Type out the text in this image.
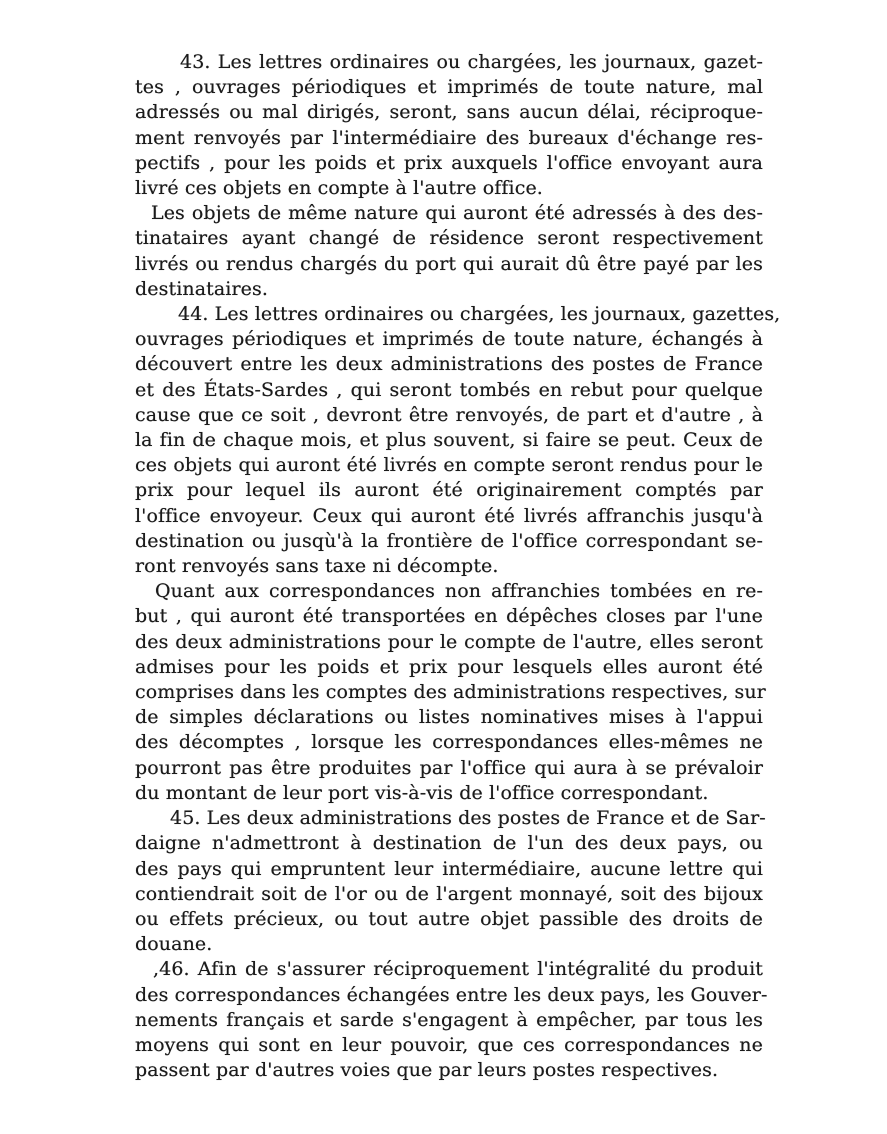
43. Les lettres ordinaires ou chargées, les journaux, gazet-
tes , ouvrages périodiques et imprimés de toute nature, mal
adressés ou mal dirigés, seront, sans aucun délai, réciproque-
ment renvoyés par l'intermédiaire des bureaux d'échange res-
pectifs , pour les poids et prix auxquels l'office envoyant aura
livré ces objets en compte à l'autre office.

Les objets de même nature qui auront été adressés à des des-
tinataires ayant changé de résidence seront respectivement
livrés ou rendus chargés du port qui aurait dû être payé par les
destinataires.

44. Les lettres ordinaires ou chargées, les journaux, gazettes,
ouvrages périodiques et imprimés de toute nature, échangés à
découvert entre les deux administrations des postes de France
et des États-Sardes , qui seront tombés en rebut pour quelque
cause que ce soit , devront être renvoyés, de part et d'autre , à
la fin de chaque mois, et plus souvent, si faire se peut. Ceux de
ces objets qui auront été livrés en compte seront rendus pour le
prix pour lequel ils auront été originairement comptés par
l'office envoyeur. Ceux qui auront été livrés affranchis jusqu'à
destination ou jusqù'à la frontière de l'office correspondant se-
ront renvoyés sans taxe ni décompte.

Quant aux correspondances non affranchies tombées en re-
but , qui auront été transportées en dépêches closes par l'une
des deux administrations pour le compte de l'autre, elles seront
admises pour les poids et prix pour lesquels elles auront été
comprises dans les comptes des administrations respectives, sur
de simples déclarations ou listes nominatives mises à l'appui
des décomptes , lorsque les correspondances elles-mêmes ne
pourront pas être produites par l'office qui aura à se prévaloir
du montant de leur port vis-à-vis de l'office correspondant.

45. Les deux administrations des postes de France et de Sar-
daigne n'admettront à destination de l'un des deux pays, ou
des pays qui empruntent leur intermédiaire, aucune lettre qui
contiendrait soit de l'or ou de l'argent monnayé, soit des bijoux
ou effets précieux, ou tout autre objet passible des droits de
douane.

,46. Afin de s'assurer réciproquement l'intégralité du produit
des correspondances échangées entre les deux pays, les Gouver-
nements français et sarde s'engagent à empêcher, par tous les
moyens qui sont en leur pouvoir, que ces correspondances ne
passent par d'autres voies que par leurs postes respectives.
